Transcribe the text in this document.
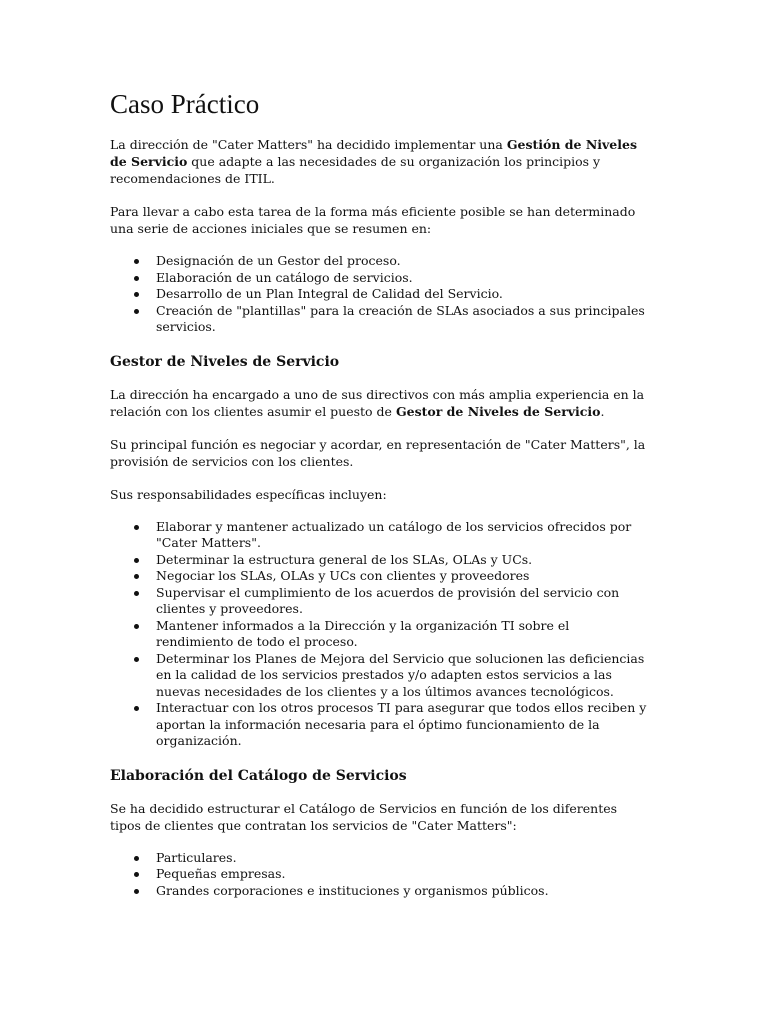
Caso Práctico

La dirección de "Cater Matters" ha decidido implementar una Gestión de Niveles de Servicio que adapte a las necesidades de su organización los principios y recomendaciones de ITIL.

Para llevar a cabo esta tarea de la forma más eficiente posible se han determinado una serie de acciones iniciales que se resumen en:

Designación de un Gestor del proceso.
Elaboración de un catálogo de servicios.
Desarrollo de un Plan Integral de Calidad del Servicio.
Creación de "plantillas" para la creación de SLAs asociados a sus principales servicios.
Gestor de Niveles de Servicio

La dirección ha encargado a uno de sus directivos con más amplia experiencia en la relación con los clientes asumir el puesto de Gestor de Niveles de Servicio.

Su principal función es negociar y acordar, en representación de "Cater Matters", la provisión de servicios con los clientes.

Sus responsabilidades específicas incluyen:

Elaborar y mantener actualizado un catálogo de los servicios ofrecidos por "Cater Matters".
Determinar la estructura general de los SLAs, OLAs y UCs.
Negociar los SLAs, OLAs y UCs con clientes y proveedores
Supervisar el cumplimiento de los acuerdos de provisión del servicio con clientes y proveedores.
Mantener informados a la Dirección y la organización TI sobre el rendimiento de todo el proceso.
Determinar los Planes de Mejora del Servicio que solucionen las deficiencias en la calidad de los servicios prestados y/o adapten estos servicios a las nuevas necesidades de los clientes y a los últimos avances tecnológicos.
Interactuar con los otros procesos TI para asegurar que todos ellos reciben y aportan la información necesaria para el óptimo funcionamiento de la organización.
Elaboración del Catálogo de Servicios

Se ha decidido estructurar el Catálogo de Servicios en función de los diferentes tipos de clientes que contratan los servicios de "Cater Matters":

Particulares.
Pequeñas empresas.
Grandes corporaciones e instituciones y organismos públicos.
